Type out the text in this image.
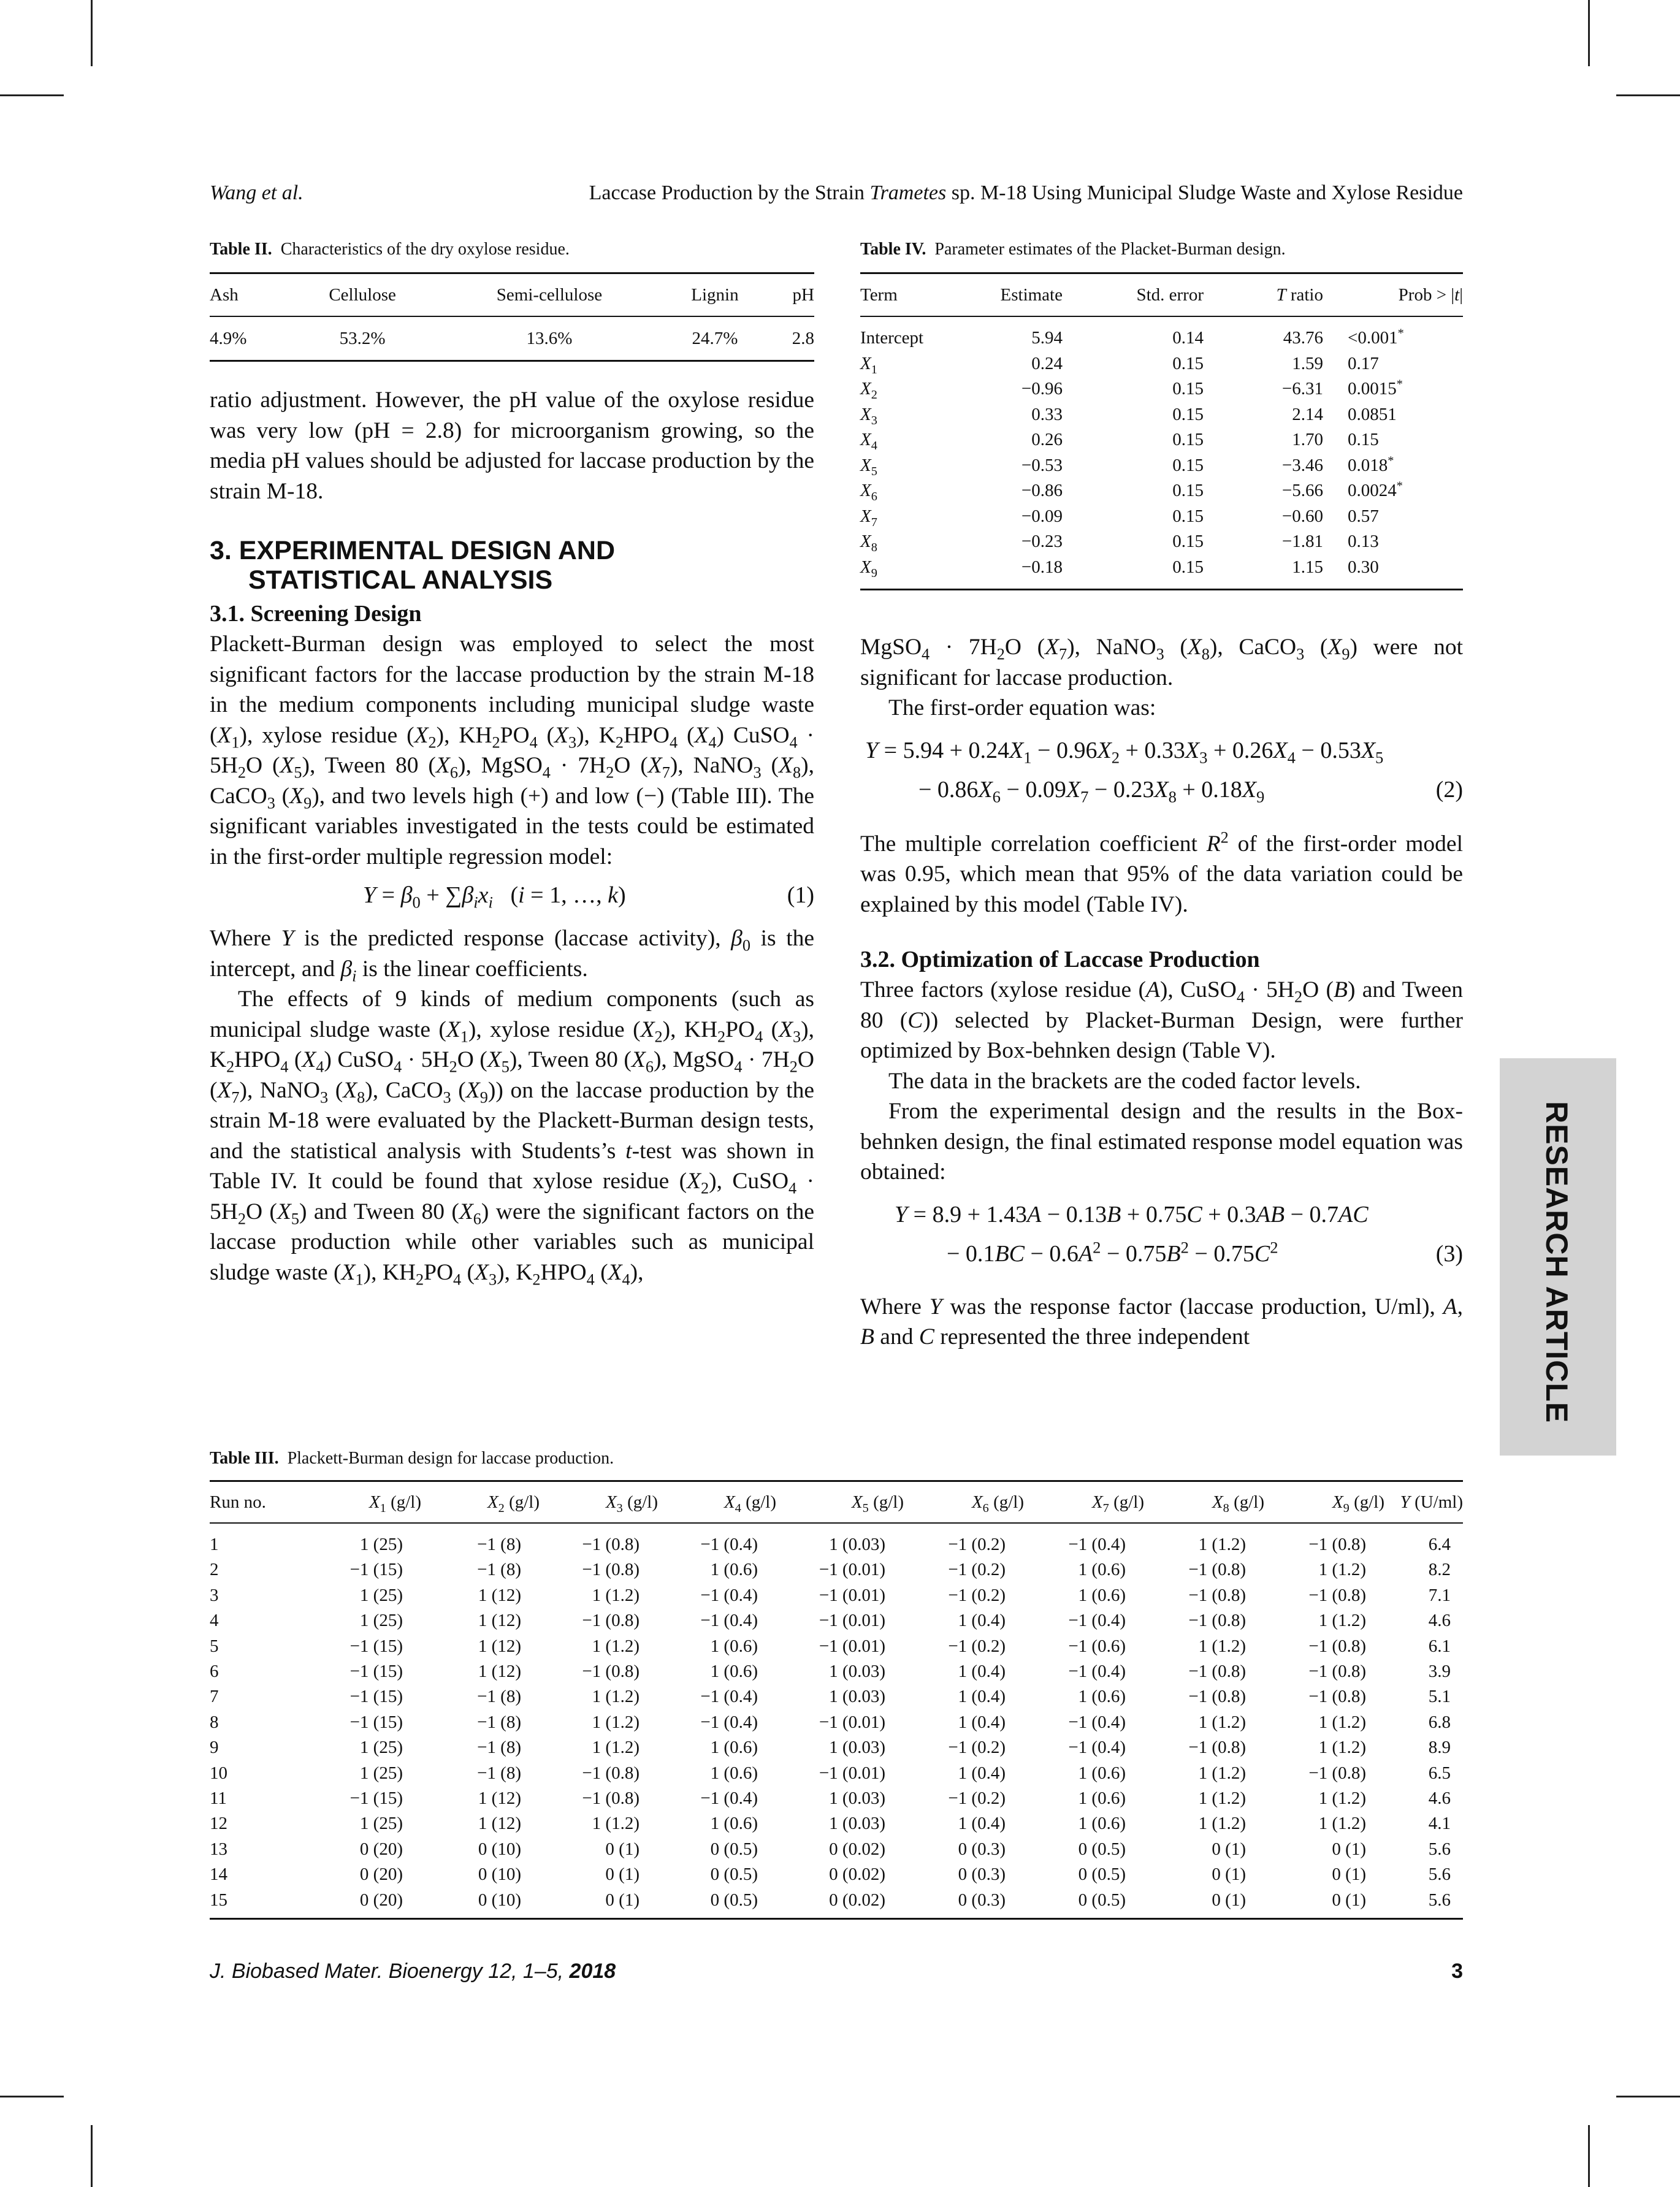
Wang et al.	Laccase Production by the Strain Trametes sp. M-18 Using Municipal Sludge Waste and Xylose Residue
Table II. Characteristics of the dry oxylose residue.
Ash	Cellulose	Semi-cellulose	Lignin	pH
4.9%	53.2%	13.6%	24.7%	2.8

ratio adjustment. However, the pH value of the oxylose residue was very low (pH = 2.8) for microorganism growing, so the media pH values should be adjusted for laccase production by the strain M-18.

3. EXPERIMENTAL DESIGN AND
STATISTICAL ANALYSIS
3.1. Screening Design

Plackett-Burman design was employed to select the most significant factors for the laccase production by the strain M-18 in the medium components including municipal sludge waste $(X_1)$, xylose residue $(X_2)$, $KH_2PO_4$ $(X_3)$, $K_2HPO_4$ $(X_4)$ CuSO$_4$ · $5H_2O$ $(X_5)$, Tween 80 $(X_6)$, MgSO$_4$ · $7H_2O$ $(X_7)$, NaNO$_3$ $(X_8)$, CaCO$_3$ $(X_9)$, and two levels high (+) and low (−) (Table III). The significant variables investigated in the tests could be estimated in the first-order multiple regression model:

$Y = \beta_0 + \sum\beta_ix_i$   (i = 1, …, k)	(1)

Where Y is the predicted response (laccase activity), $\beta_0$ is the intercept, and $\beta_i$ is the linear coefficients.

The effects of 9 kinds of medium components (such as municipal sludge waste $(X_1)$, xylose residue $(X_2)$, $KH_2PO_4$ $(X_3)$, $K_2HPO_4$ $(X_4)$ CuSO$_4$ · $5H_2O$ $(X_5)$, Tween 80 $(X_6)$, MgSO$_4$ · $7H_2O$ $(X_7)$, NaNO$_3$ $(X_8)$, CaCO$_3$ $(X_9)$) on the laccase production by the strain M-18 were evaluated by the Plackett-Burman design tests, and the statistical analysis with Students’s t-test was shown in Table IV. It could be found that xylose residue $(X_2)$, CuSO$_4$ · $5H_2O$ $(X_5)$ and Tween 80 $(X_6)$ were the significant factors on the laccase production while other variables such as municipal sludge waste $(X_1)$, $KH_2PO_4$ $(X_3)$, $K_2HPO_4$ $(X_4)$,

Table IV. Parameter estimates of the Placket-Burman design.
Term	Estimate	Std. error	T ratio	Prob > |t|
Intercept	5.94	0.14	43.76	<0.001*
$X_1$	0.24	0.15	1.59	0.17
$X_2$	−0.96	0.15	−6.31	0.0015*
$X_3$	0.33	0.15	2.14	0.0851
$X_4$	0.26	0.15	1.70	0.15
$X_5$	−0.53	0.15	−3.46	0.018*
$X_6$	−0.86	0.15	−5.66	0.0024*
$X_7$	−0.09	0.15	−0.60	0.57
$X_8$	−0.23	0.15	−1.81	0.13
$X_9$	−0.18	0.15	1.15	0.30

MgSO$_4$ · $7H_2O$ $(X_7)$, NaNO$_3$ $(X_8)$, CaCO$_3$ $(X_9)$ were not significant for laccase production.

The first-order equation was:

$Y = 5.94 + 0.24X_1 - 0.96X_2 + 0.33X_3 + 0.26X_4 - 0.53X_5$
− $0.86X_6 - 0.09X_7 - 0.23X_8 + 0.18X_9$	(2)

The multiple correlation coefficient $R^2$ of the first-order model was 0.95, which mean that 95% of the data variation could be explained by this model (Table IV).

3.2. Optimization of Laccase Production

Three factors (xylose residue (A), CuSO$_4$ · $5H_2O$ (B) and Tween 80 (C)) selected by Placket-Burman Design, were further optimized by Box-behnken design (Table V).

The data in the brackets are the coded factor levels.

From the experimental design and the results in the Box-behnken design, the final estimated response model equation was obtained:

Y = 8.9 + 1.43A − 0.13B + 0.75C + 0.3AB − 0.7AC
− $0.1BC - 0.6A^2 - 0.75B^2 - 0.75C^2$	(3)

Where Y was the response factor (laccase production, U/ml), A, B and C represented the three independent	RESEARCH ARTICLE
Table III. Plackett-Burman design for laccase production.
Run no.	$X_1$ (g/l)	$X_2$ (g/l)	$X_3$ (g/l)	$X_4$ (g/l)	$X_5$ (g/l)	$X_6$ (g/l)	$X_7$ (g/l)	$X_8$ (g/l)	$X_9$ (g/l)	Y (U/ml)
1	1 (25)	−1 (8)	−1 (0.8)	−1 (0.4)	1 (0.03)	−1 (0.2)	−1 (0.4)	1 (1.2)	−1 (0.8)	6.4
2	−1 (15)	−1 (8)	−1 (0.8)	1 (0.6)	−1 (0.01)	−1 (0.2)	1 (0.6)	−1 (0.8)	1 (1.2)	8.2
3	1 (25)	1 (12)	1 (1.2)	−1 (0.4)	−1 (0.01)	−1 (0.2)	1 (0.6)	−1 (0.8)	−1 (0.8)	7.1
4	1 (25)	1 (12)	−1 (0.8)	−1 (0.4)	−1 (0.01)	1 (0.4)	−1 (0.4)	−1 (0.8)	1 (1.2)	4.6
5	−1 (15)	1 (12)	1 (1.2)	1 (0.6)	−1 (0.01)	−1 (0.2)	−1 (0.6)	1 (1.2)	−1 (0.8)	6.1
6	−1 (15)	1 (12)	−1 (0.8)	1 (0.6)	1 (0.03)	1 (0.4)	−1 (0.4)	−1 (0.8)	−1 (0.8)	3.9
7	−1 (15)	−1 (8)	1 (1.2)	−1 (0.4)	1 (0.03)	1 (0.4)	1 (0.6)	−1 (0.8)	−1 (0.8)	5.1
8	−1 (15)	−1 (8)	1 (1.2)	−1 (0.4)	−1 (0.01)	1 (0.4)	−1 (0.4)	1 (1.2)	1 (1.2)	6.8
9	1 (25)	−1 (8)	1 (1.2)	1 (0.6)	1 (0.03)	−1 (0.2)	−1 (0.4)	−1 (0.8)	1 (1.2)	8.9
10	1 (25)	−1 (8)	−1 (0.8)	1 (0.6)	−1 (0.01)	1 (0.4)	1 (0.6)	1 (1.2)	−1 (0.8)	6.5
11	−1 (15)	1 (12)	−1 (0.8)	−1 (0.4)	1 (0.03)	−1 (0.2)	1 (0.6)	1 (1.2)	1 (1.2)	4.6
12	1 (25)	1 (12)	1 (1.2)	1 (0.6)	1 (0.03)	1 (0.4)	1 (0.6)	1 (1.2)	1 (1.2)	4.1
13	0 (20)	0 (10)	0 (1)	0 (0.5)	0 (0.02)	0 (0.3)	0 (0.5)	0 (1)	0 (1)	5.6
14	0 (20)	0 (10)	0 (1)	0 (0.5)	0 (0.02)	0 (0.3)	0 (0.5)	0 (1)	0 (1)	5.6
15	0 (20)	0 (10)	0 (1)	0 (0.5)	0 (0.02)	0 (0.3)	0 (0.5)	0 (1)	0 (1)	5.6
J. Biobased Mater. Bioenergy 12, 1–5, 2018	3
